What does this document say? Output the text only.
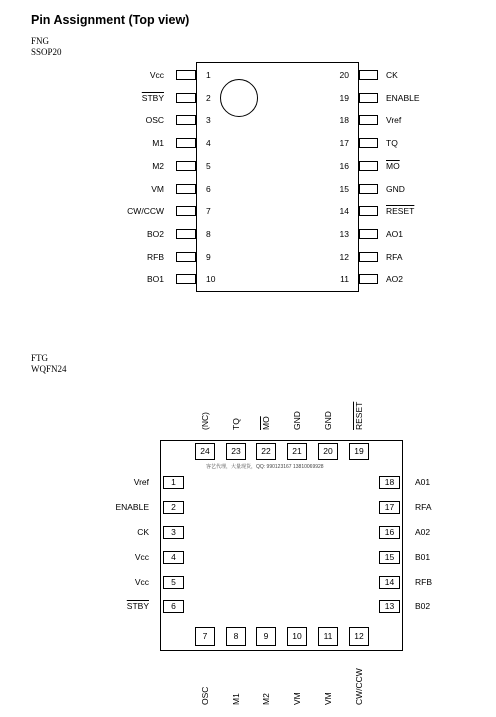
Pin Assignment (Top view)
FNG
SSOP20
1
Vcc
2
STBY
3
OSC
4
M1
5
M2
6
VM
7
CW/CCW
8
BO2
9
RFB
10
BO1
20	CK
19	ENABLE
18	Vref
17	TQ
16	$\overline{MO}$
15	GND
14	RESET
13	AO1
12	RFA
11	AO2
FTG
WQFN24
客艺代理，大量现货，QQ: 990123167 13810069928
24
(NC)
23
TQ
22
$\overline{MO}$
21
GND
20
GND
19
RESET
7
OSC
8
M1
9
M2
10
VM
11
VM
12
CW/CCW
1
Vref
2
ENABLE
3
CK
4
Vcc
5
Vcc
6
STBY
18	A01
17	RFA
16	A02
15	B01
14	RFB
13	B02
